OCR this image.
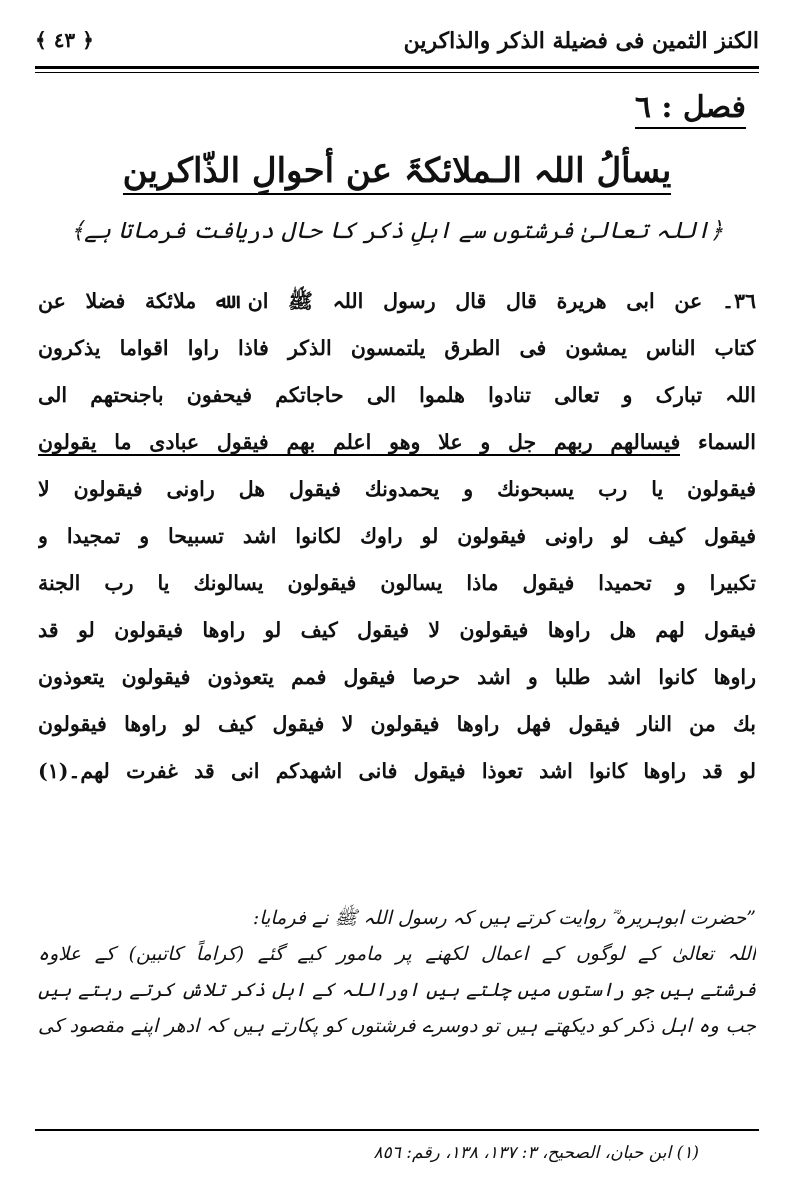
الکنز الثمین فی فضیلة الذکر والذاکرین
﴿ ٤٣ ﴾
فصل : ٦
یسألُ اللہ الـملائکۃَ عن أحوالِ الذّاکرین
﴿اللہ تعالیٰ فرشتوں سے اہلِ ذکر کا حال دریافت فرماتا ہے﴾
٣٦۔ عن ابی هریرة قال قال رسول اللہ ﷺ ان ﷲ ملائکة فضلا عن
کتاب الناس یمشون فی الطرق یلتمسون الذکر فاذا راوا اقواما یذکرون
اللہ تبارک و تعالی تنادوا هلموا الی حاجاتکم فیحفون باجنحتهم الی
السماء فیسالهم ربهم جل و علا وهو اعلم بهم فیقول عبادی ما یقولون
فیقولون یا رب یسبحونك و یحمدونك فیقول هل راونی فیقولون لا
فیقول کیف لو راونی فیقولون لو راوك لکانوا اشد تسبیحا و تمجیدا و
تکبیرا و تحمیدا فیقول ماذا یسالون فیقولون یسالونك یا رب الجنة
فیقول لهم هل راوها فیقولون لا فیقول کیف لو راوها فیقولون لو قد
راوها کانوا اشد طلبا و اشد حرصا فیقول فمم یتعوذون فیقولون یتعوذون
بك من النار فیقول فهل راوها فیقولون لا فیقول کیف لو راوها فیقولون
لو قد راوها کانوا اشد تعوذا فیقول فانی اشهدکم انی قد غفرت لهم۔(۱)
”حضرت ابوہریرہ ؓ روایت کرتے ہیں کہ رسول اللہ ﷺ نے فرمایا:
اللہ تعالیٰ کے لوگوں کے اعمال لکھنے پر مامور کیے گئے (کراماً کاتبین) کے علاوہ
فرشتے ہیں جو راستوں میں چلتے ہیں اوراللہ کے اہل ذکر تلاش کرتے رہتے ہیں
جب وہ اہل ذکر کو دیکھتے ہیں تو دوسرے فرشتوں کو پکارتے ہیں کہ ادھر اپنے مقصود کی
(۱) ابن حبان، الصحیح، ٣: ١٣٧، ١٣٨، رقم: ٨٥٦
